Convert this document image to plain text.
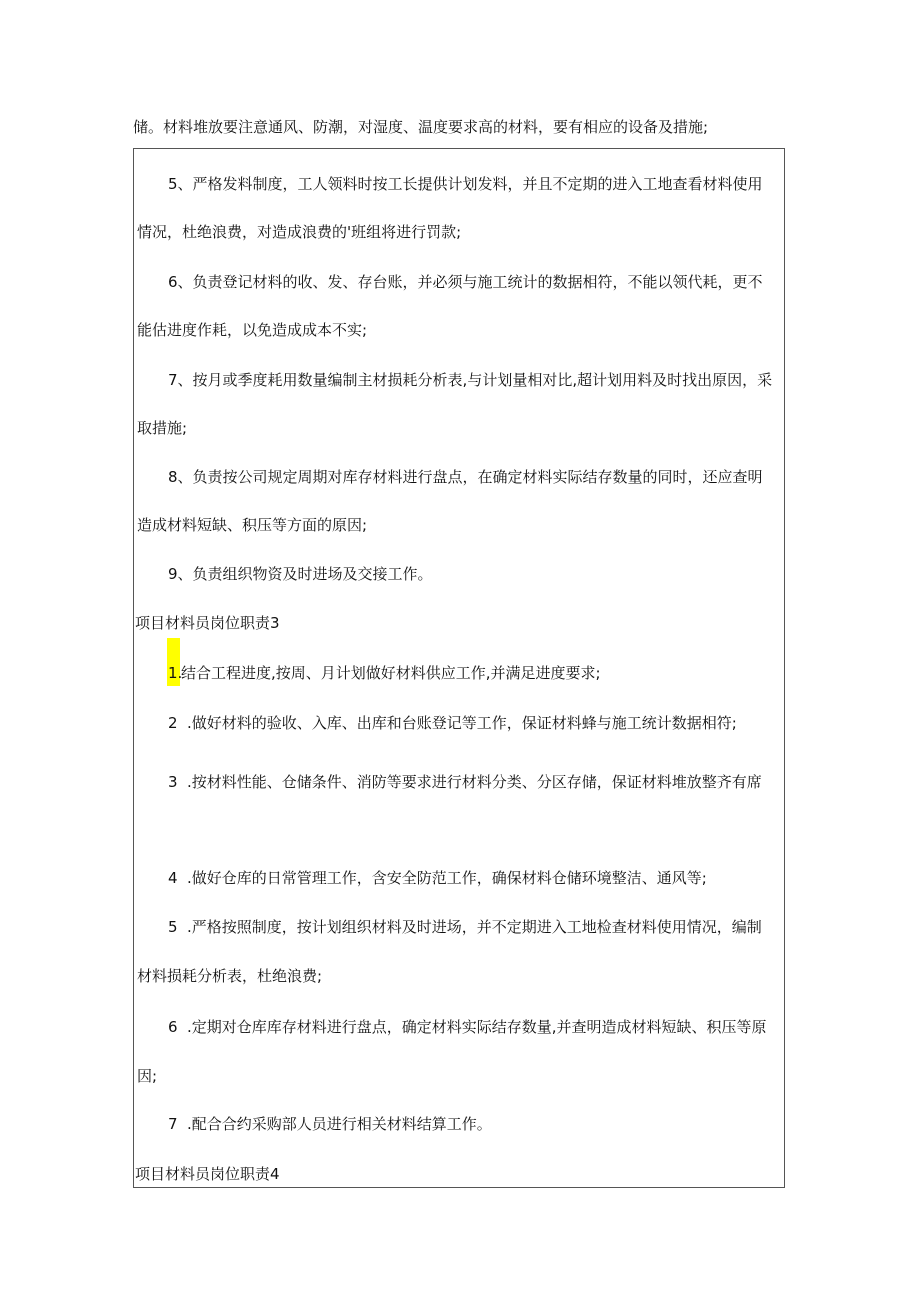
储。材料堆放要注意通风、防潮，对湿度、温度要求高的材料，要有相应的设备及措施;
5、严格发料制度，工人领料时按工长提供计划发料，并且不定期的进入工地查看材料使用
情况，杜绝浪费，对造成浪费的'班组将进行罚款;
6、负责登记材料的收、发、存台账，并必须与施工统计的数据相符，不能以领代耗，更不
能估进度作耗，以免造成成本不实;
7、按月或季度耗用数量编制主材损耗分析表,与计划量相对比,超计划用料及时找出原因，采
取措施;
8、负责按公司规定周期对库存材料进行盘点，在确定材料实际结存数量的同时，还应查明
造成材料短缺、积压等方面的原因;
9、负责组织物资及时进场及交接工作。
项目材料员岗位职责3
1.
结合工程进度,按周、月计划做好材料供应工作,并满足进度要求;
2 .做好材料的验收、入库、出库和台账登记等工作，保证材料蜂与施工统计数据相符;
3 .按材料性能、仓储条件、消防等要求进行材料分类、分区存储，保证材料堆放整齐有席
4 .做好仓库的日常管理工作，含安全防范工作，确保材料仓储环境整洁、通风等;
5 .严格按照制度，按计划组织材料及时进场，并不定期进入工地检查材料使用情况，编制
材料损耗分析表，杜绝浪费;
6 .定期对仓库库存材料进行盘点，确定材料实际结存数量,并查明造成材料短缺、积压等原
因;
7 .配合合约采购部人员进行相关材料结算工作。
项目材料员岗位职责4
